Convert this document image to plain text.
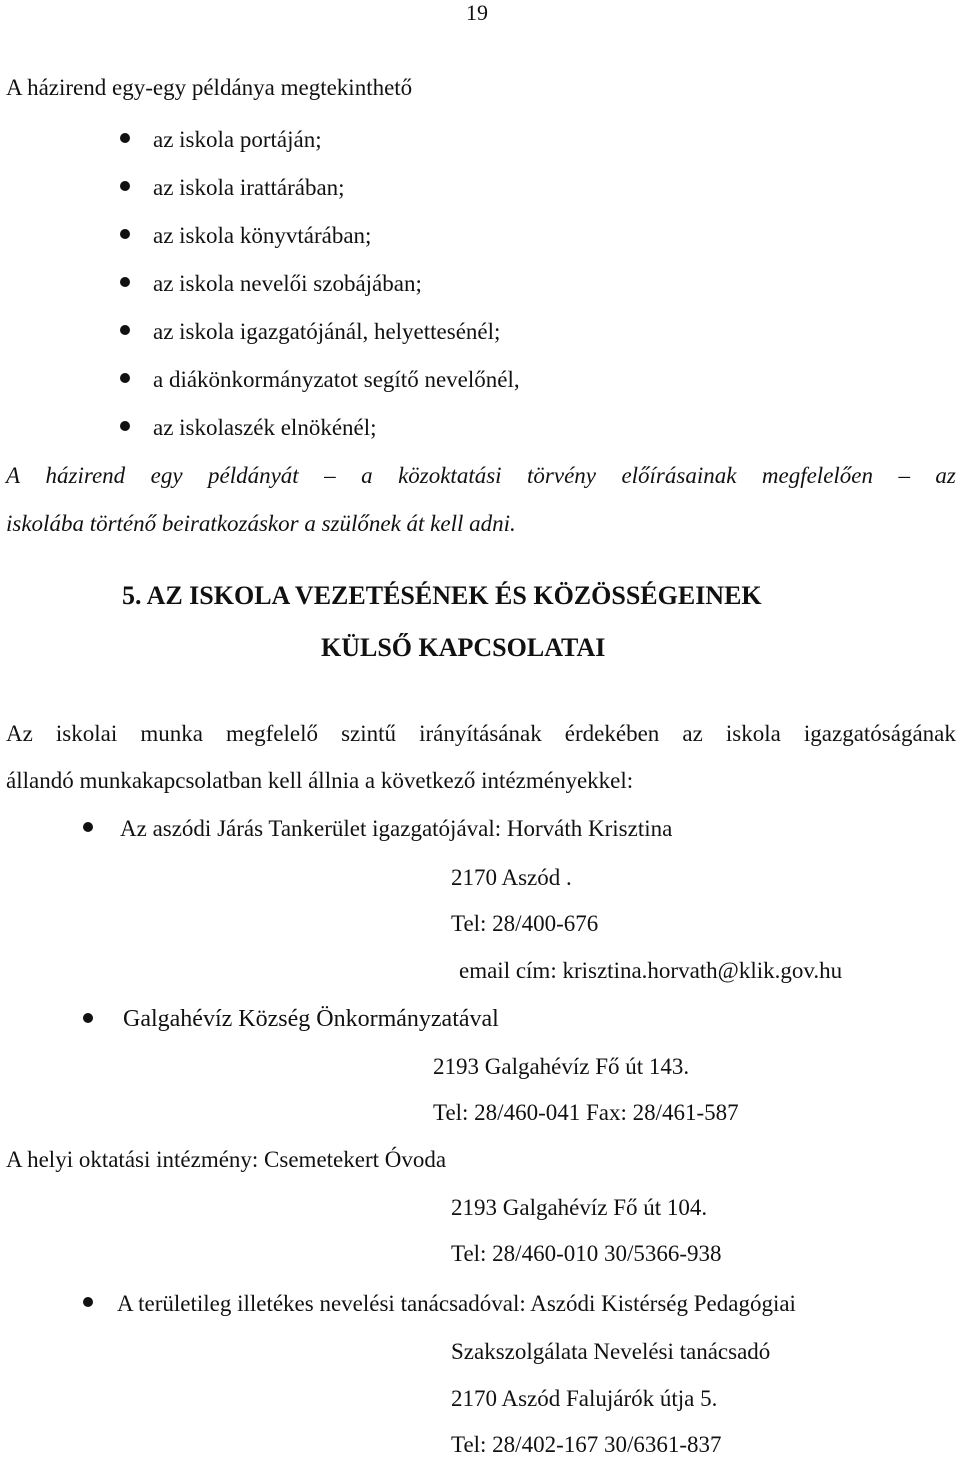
19
A házirend egy-egy példánya megtekinthető
az iskola portáján;
az iskola irattárában;
az iskola könyvtárában;
az iskola nevelői szobájában;
az iskola igazgatójánál, helyettesénél;
a diákönkormányzatot segítő nevelőnél,
az iskolaszék elnökénél;
A házirend egy példányát – a közoktatási törvény előírásainak megfelelően – az
iskolába történő beiratkozáskor a szülőnek át kell adni.
5. AZ ISKOLA VEZETÉSÉNEK ÉS KÖZÖSSÉGEINEK
KÜLSŐ KAPCSOLATAI
Az iskolai munka megfelelő szintű irányításának érdekében az iskola igazgatóságának
állandó munkakapcsolatban kell állnia a következő intézményekkel:
Az aszódi Járás Tankerület igazgatójával: Horváth Krisztina
2170 Aszód .
Tel: 28/400-676
email cím: krisztina.horvath@klik.gov.hu
Galgahévíz Község Önkormányzatával
2193 Galgahévíz Fő út 143.
Tel: 28/460-041 Fax: 28/461-587
A helyi oktatási intézmény: Csemetekert Óvoda
2193 Galgahévíz Fő út 104.
Tel: 28/460-010 30/5366-938
A területileg illetékes nevelési tanácsadóval: Aszódi Kistérség Pedagógiai
Szakszolgálata Nevelési tanácsadó
2170 Aszód Falujárók útja 5.
Tel: 28/402-167 30/6361-837
